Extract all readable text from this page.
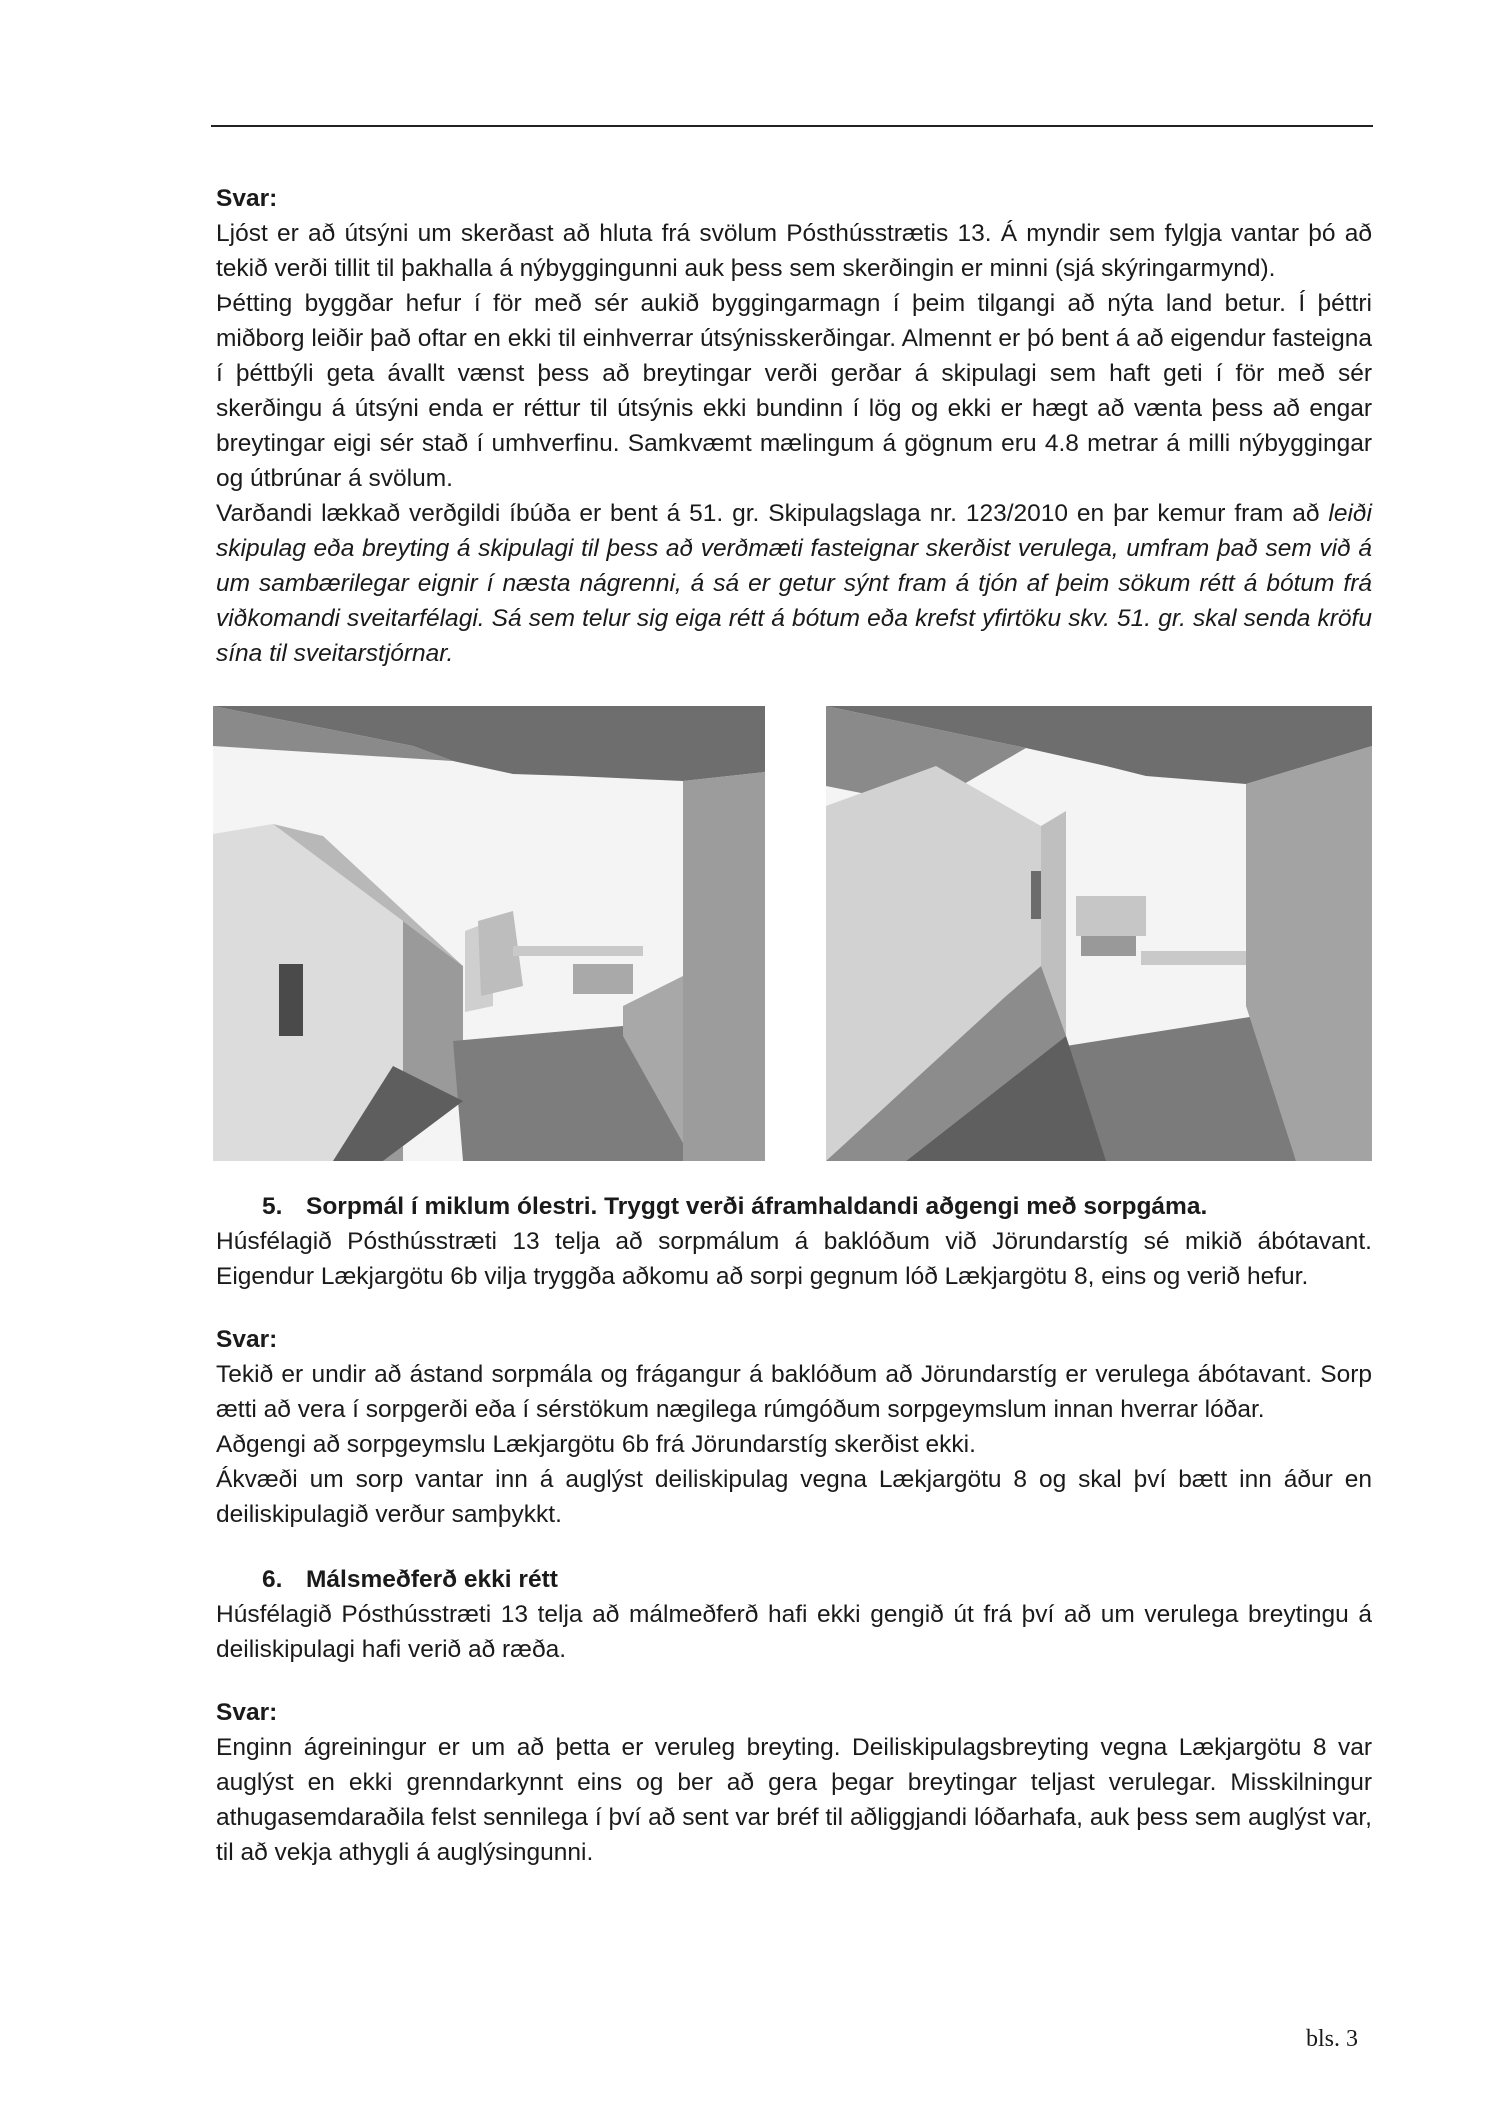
Svar:
Ljóst er að útsýni um skerðast að hluta frá svölum Pósthússtrætis 13. Á myndir sem fylgja vantar þó að tekið verði tillit til þakhalla á nýbyggingunni auk þess sem skerðingin er minni (sjá skýringarmynd).
Þétting byggðar hefur í för með sér aukið byggingarmagn í þeim tilgangi að nýta land betur. Í þéttri miðborg leiðir það oftar en ekki til einhverrar útsýnisskerðingar. Almennt er þó bent á að eigendur fasteigna í þéttbýli geta ávallt vænst þess að breytingar verði gerðar á skipulagi sem haft geti í för með sér skerðingu á útsýni enda er réttur til útsýnis ekki bundinn í lög og ekki er hægt að vænta þess að engar breytingar eigi sér stað í umhverfinu. Samkvæmt mælingum á gögnum eru 4.8 metrar á milli nýbyggingar og útbrúnar á svölum.
Varðandi lækkað verðgildi íbúða er bent á 51. gr. Skipulagslaga nr. 123/2010 en þar kemur fram að leiði skipulag eða breyting á skipulagi til þess að verðmæti fasteignar skerðist verulega, umfram það sem við á um sambærilegar eignir í næsta nágrenni, á sá er getur sýnt fram á tjón af þeim sökum rétt á bótum frá viðkomandi sveitarfélagi. Sá sem telur sig eiga rétt á bótum eða krefst yfirtöku skv. 51. gr. skal senda kröfu sína til sveitarstjórnar.
5. Sorpmál í miklum ólestri. Tryggt verði áframhaldandi aðgengi með sorpgáma.
Húsfélagið Pósthússtræti 13 telja að sorpmálum á baklóðum við Jörundarstíg sé mikið ábótavant. Eigendur Lækjargötu 6b vilja tryggða aðkomu að sorpi gegnum lóð Lækjargötu 8, eins og verið hefur.
Svar:
Tekið er undir að ástand sorpmála og frágangur á baklóðum að Jörundarstíg er verulega ábótavant. Sorp ætti að vera í sorpgerði eða í sérstökum nægilega rúmgóðum sorpgeymslum innan hverrar lóðar.
Aðgengi að sorpgeymslu Lækjargötu 6b frá Jörundarstíg skerðist ekki.
Ákvæði um sorp vantar inn á auglýst deiliskipulag vegna Lækjargötu 8 og skal því bætt inn áður en deiliskipulagið verður samþykkt.
6. Málsmeðferð ekki rétt
Húsfélagið Pósthússtræti 13 telja að málmeðferð hafi ekki gengið út frá því að um verulega breytingu á deiliskipulagi hafi verið að ræða.
Svar:
Enginn ágreiningur er um að þetta er veruleg breyting. Deiliskipulagsbreyting vegna Lækjargötu 8 var auglýst en ekki grenndarkynnt eins og ber að gera þegar breytingar teljast verulegar. Misskilningur athugasemdaraðila felst sennilega í því að sent var bréf til aðliggjandi lóðarhafa, auk þess sem auglýst var, til að vekja athygli á auglýsingunni.
bls. 3
